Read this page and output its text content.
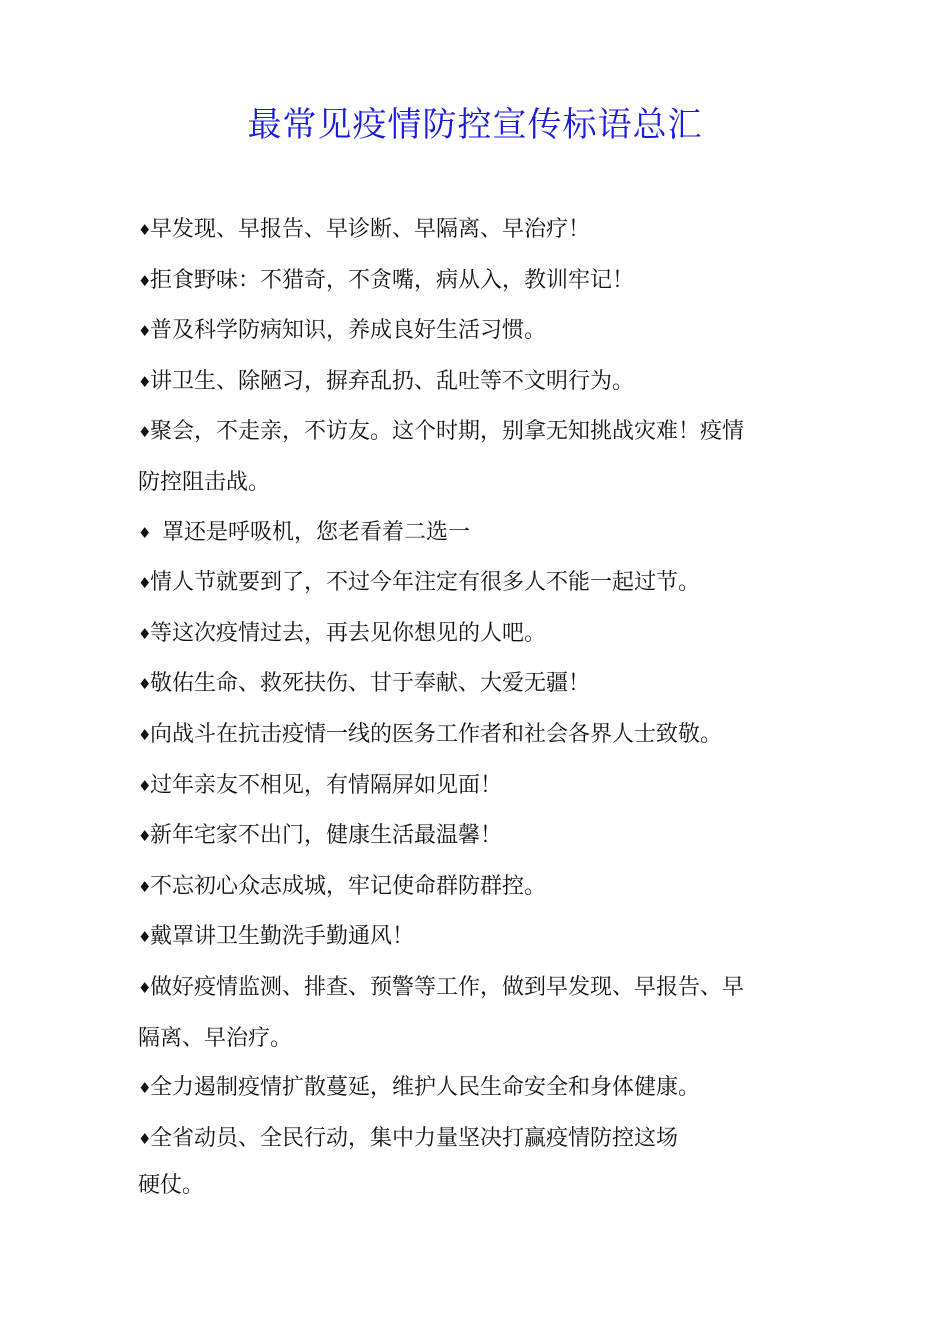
最常见疫情防控宣传标语总汇
♦早发现、早报告、早诊断、早隔离、早治疗！
♦拒食野味：不猎奇，不贪嘴，病从入，教训牢记！
♦普及科学防病知识，养成良好生活习惯。
♦讲卫生、除陋习，摒弃乱扔、乱吐等不文明行为。
♦聚会，不走亲，不访友。这个时期，别拿无知挑战灾难！疫情
防控阻击战。
♦ 罩还是呼吸机，您老看着二选一
♦情人节就要到了，不过今年注定有很多人不能一起过节。
♦等这次疫情过去，再去见你想见的人吧。
♦敬佑生命、救死扶伤、甘于奉献、大爱无疆！
♦向战斗在抗击疫情一线的医务工作者和社会各界人士致敬。
♦过年亲友不相见，有情隔屏如见面！
♦新年宅家不出门，健康生活最温馨！
♦不忘初心众志成城，牢记使命群防群控。
♦戴罩讲卫生勤洗手勤通风！
♦做好疫情监测、排查、预警等工作，做到早发现、早报告、早
隔离、早治疗。
♦全力遏制疫情扩散蔓延，维护人民生命安全和身体健康。
♦全省动员、全民行动，集中力量坚决打赢疫情防控这场
硬仗。
